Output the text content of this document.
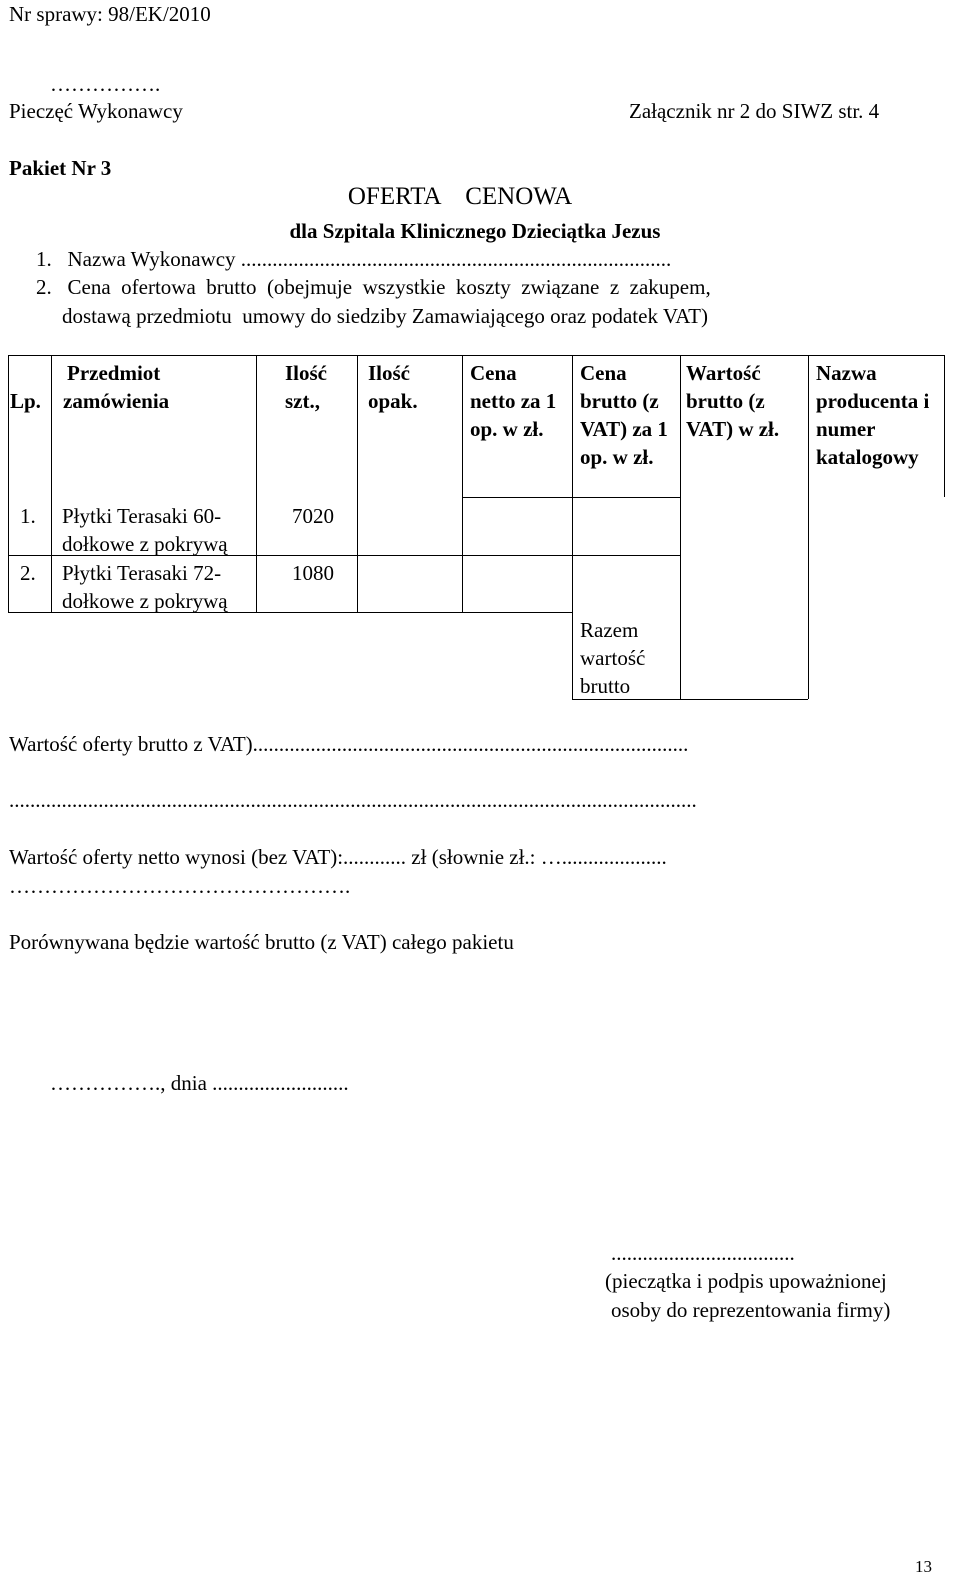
Nr sprawy: 98/EK/2010
…………….
Pieczęć Wykonawcy	Załącznik nr 2 do SIWZ str. 4
Pakiet Nr 3
OFERTA    CENOWA
dla Szpitala Klinicznego Dzieciątka Jezus
1.   Nazwa Wykonawcy ..................................................................................
2.   Cena  ofertowa  brutto  (obejmuje  wszystkie  koszty  związane  z  zakupem,
dostawą przedmiotu  umowy do siedziby Zamawiającego oraz podatek VAT)
Lp.
Przedmiot
zamówienia
Ilość szt.,
Ilość opak.
Cena netto za 1 op. w zł.
Cena brutto (z VAT) za 1 op. w zł.
Wartość brutto (z VAT) w zł.
Nazwa producenta i numer katalogowy
1. Płytki Terasaki 60-dołkowe z pokrywą
7020
2. Płytki Terasaki 72-dołkowe z pokrywą
1080
Razem wartość brutto
Wartość oferty brutto z VAT)...................................................................................
...................................................................................................................................
Wartość oferty netto wynosi (bez VAT):............ zł (słownie zł.: …....................
………………………………………….
Porównywana będzie wartość brutto (z VAT) całego pakietu
……………., dnia ..........................
...................................
(pieczątka i podpis upoważnionej
osoby do reprezentowania firmy)
13
